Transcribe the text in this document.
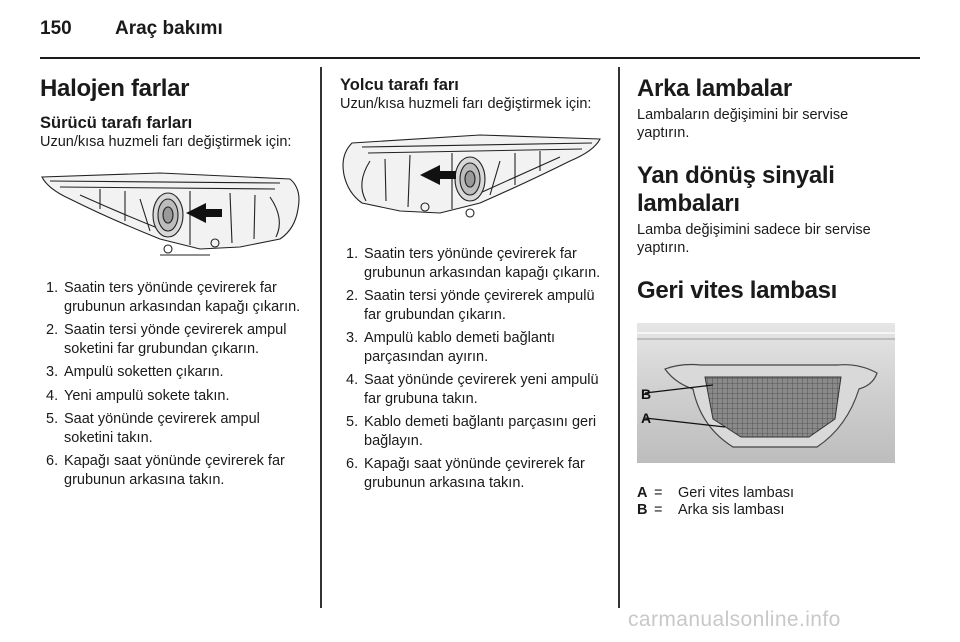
150 Araç bakımı
Halojen farlar
Sürücü tarafı farları

Uzun/kısa huzmeli farı değiştirmek için:

1. Saatin ters yönünde çevirerek far grubunun arkasından kapağı çıkarın.
2. Saatin tersi yönde çevirerek ampul soketini far grubundan çıkarın.
3. Ampulü soketten çıkarın.
4. Yeni ampulü sokete takın.
5. Saat yönünde çevirerek ampul soketini takın.
6. Kapağı saat yönünde çevirerek far grubunun arkasına takın.
Yolcu tarafı farı

Uzun/kısa huzmeli farı değiştirmek için:

1. Saatin ters yönünde çevirerek far grubunun arkasından kapağı çıkarın.
2. Saatin tersi yönde çevirerek ampulü far grubundan çıkarın.
3. Ampulü kablo demeti bağlantı parçasından ayırın.
4. Saat yönünde çevirerek yeni ampulü far grubuna takın.
5. Kablo demeti bağlantı parçasını geri bağlayın.
6. Kapağı saat yönünde çevirerek far grubunun arkasına takın.
Arka lambalar

Lambaların değişimini bir servise yaptırın.

Yan dönüş sinyali lambaları

Lamba değişimini sadece bir servise yaptırın.

Geri vites lambası
B
A
A = Geri vites lambası
B = Arka sis lambası
carmanualsonline.info
